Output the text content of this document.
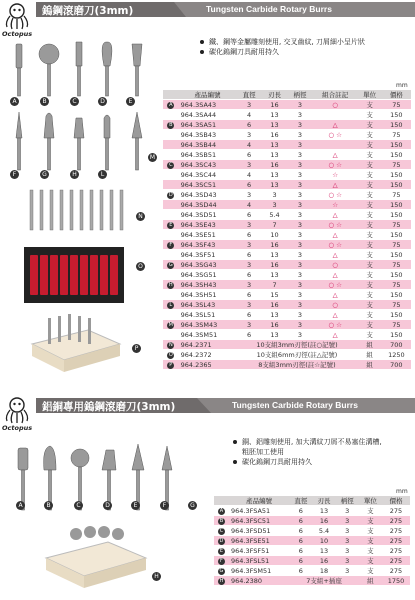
Octopus
鎢鋼滾磨刀(3mm)	Tungsten Carbide Rotary Burrs
A	B	C	D	E
F	G	H	L
M
N
O
P
鐵、鋼等金屬雕刻使用, 交叉齒紋, 刀屑細小呈片狀
碳化鎢鋼刀具耐用持久
mm
	產品編號	直徑	刃長	柄徑	組合註記	單位	價格
A	964.3SA43	3	16	3	○	支	75
	964.3SA44	4	13	3		支	150
B	964.3SA51	6	13	3	△	支	150
	964.3SB43	3	16	3	○ ☆	支	75
	964.3SB44	4	13	3		支	150
	964.3SB51	6	13	3	△	支	150
C	964.3SC43	3	16	3	○ ☆	支	75
	964.3SC44	4	13	3	☆	支	150
	964.3SC51	6	13	3	△	支	150
D	964.3SD43	3	3	3	○ ☆	支	75
	964.3SD44	4	3	3	☆	支	150
	964.3SD51	6	5.4	3	△	支	150
E	964.3SE43	3	7	3	○ ☆	支	75
	964.3SE51	6	10	3	△	支	150
F	964.3SF43	3	16	3	○ ☆	支	75
	964.3SF51	6	13	3	△	支	150
G	964.3SG43	3	16	3	○	支	75
	964.3SG51	6	13	3	△	支	150
H	964.3SH43	3	7	3	○ ☆	支	75
	964.3SH51	6	15	3	△	支	150
L	964.3SL43	3	16	3	○	支	75
	964.3SL51	6	13	3	△	支	150
M	964.3SM43	3	16	3	○ ☆	支	75
	964.3SM51	6	13	3	△	支	150
N	964.2371	10支組3mm刃徑(註○記號)				組	700
O	964.2372	10支組6mm刃徑(註△記號)				組	1250
P	964.2365	8支組3mm刃徑(註☆記號)				組	700
Octopus
鋁銅專用鎢鋼滾磨刀(3mm)	Tungsten Carbide Rotary Burrs
銅、鋁雕刻使用, 加大溝紋刀屑不易塞住溝槽, 粗胚加工使用
碳化鎢鋼刀具耐用持久
mm
	產品編號	直徑	刃長	柄徑	單位	價格
A	964.3FSA51	6	13	3	支	275
B	964.3FSC51	6	16	3	支	275
C	964.3FSD51	6	5.4	3	支	275
D	964.3FSE51	6	10	3	支	275
E	964.3FSF51	6	13	3	支	275
F	964.3FSL51	6	16	3	支	275
G	964.3FSM51	6	18	3	支	275
H	964.2380	7支組+插座			組	1750
A	B	C	D	E	F	G
H
